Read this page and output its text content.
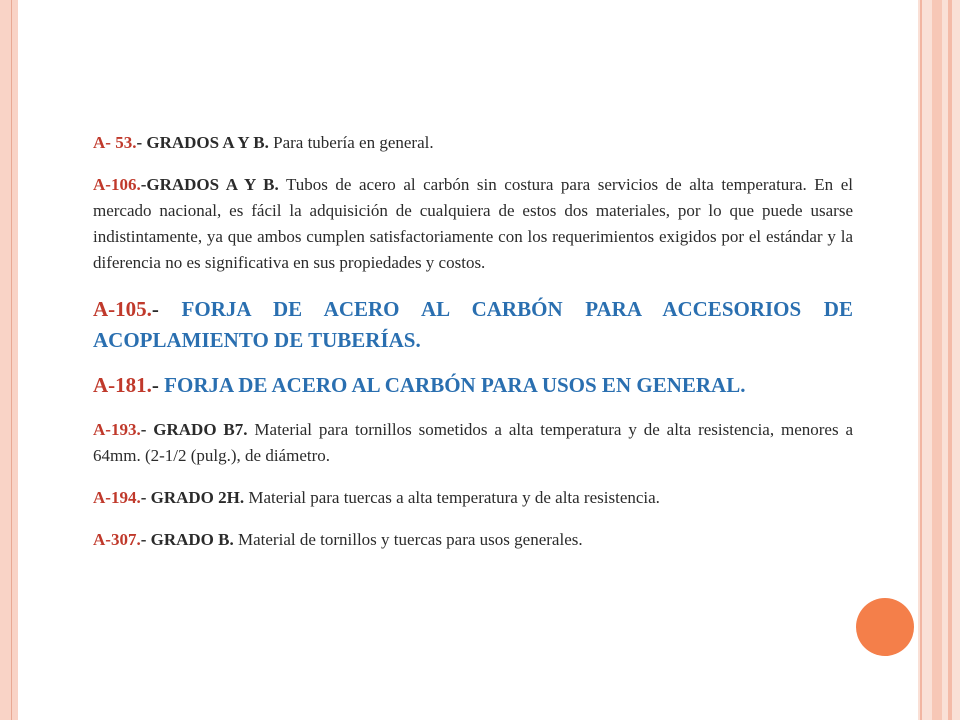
A- 53.- GRADOS A Y B. Para tubería en general.

A-106.-GRADOS A Y B. Tubos de acero al carbón sin costura para servicios de alta temperatura. En el mercado nacional, es fácil la adquisición de cualquiera de estos dos materiales, por lo que puede usarse indistintamente, ya que ambos cumplen satisfactoriamente con los requerimientos exigidos por el estándar y la diferencia no es significativa en sus propiedades y costos.

A-105.- FORJA DE ACERO AL CARBÓN PARA ACCESORIOS DE ACOPLAMIENTO DE TUBERÍAS.

A-181.- FORJA DE ACERO AL CARBÓN PARA USOS EN GENERAL.

A-193.- GRADO B7. Material para tornillos sometidos a alta temperatura y de alta resistencia, menores a 64mm. (2-1/2 (pulg.), de diámetro.

A-194.- GRADO 2H. Material para tuercas a alta temperatura y de alta resistencia.

A-307.- GRADO B. Material de tornillos y tuercas para usos generales.
